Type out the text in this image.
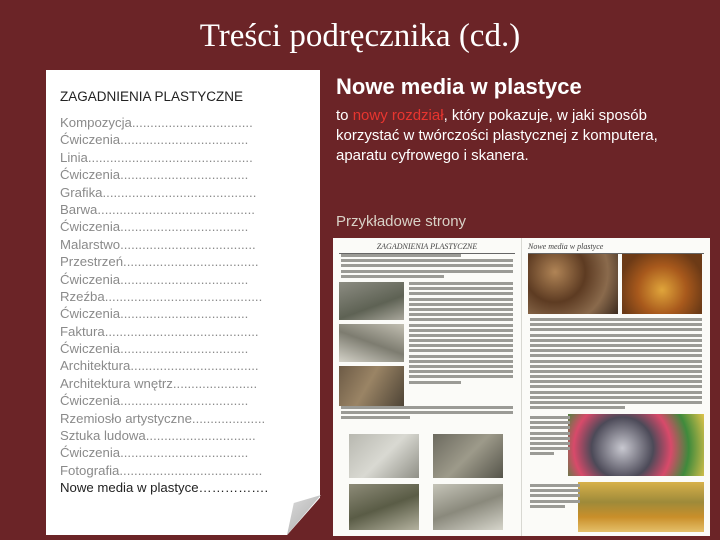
Treści podręcznika (cd.)
ZAGADNIENIA PLASTYCZNE
Kompozycja.................................
Ćwiczenia...................................
Linia.............................................
Ćwiczenia...................................
Grafika..........................................
Barwa...........................................
Ćwiczenia...................................
Malarstwo.....................................
Przestrzeń.....................................
Ćwiczenia...................................
Rzeźba...........................................
Ćwiczenia...................................
Faktura..........................................
Ćwiczenia...................................
Architektura...................................
Architektura wnętrz.......................
Ćwiczenia...................................
Rzemiosło artystyczne....................
Sztuka ludowa..............................
Ćwiczenia...................................
Fotografia.......................................
Nowe media w plastyce…………….
Nowe media w plastyce

to nowy rozdział, który pokazuje, w jaki sposób korzystać w twórczości plastycznej z komputera, aparatu cyfrowego i skanera.

Przykładowe strony
ZAGADNIENIA PLASTYCZNE	Nowe media w plastyce
